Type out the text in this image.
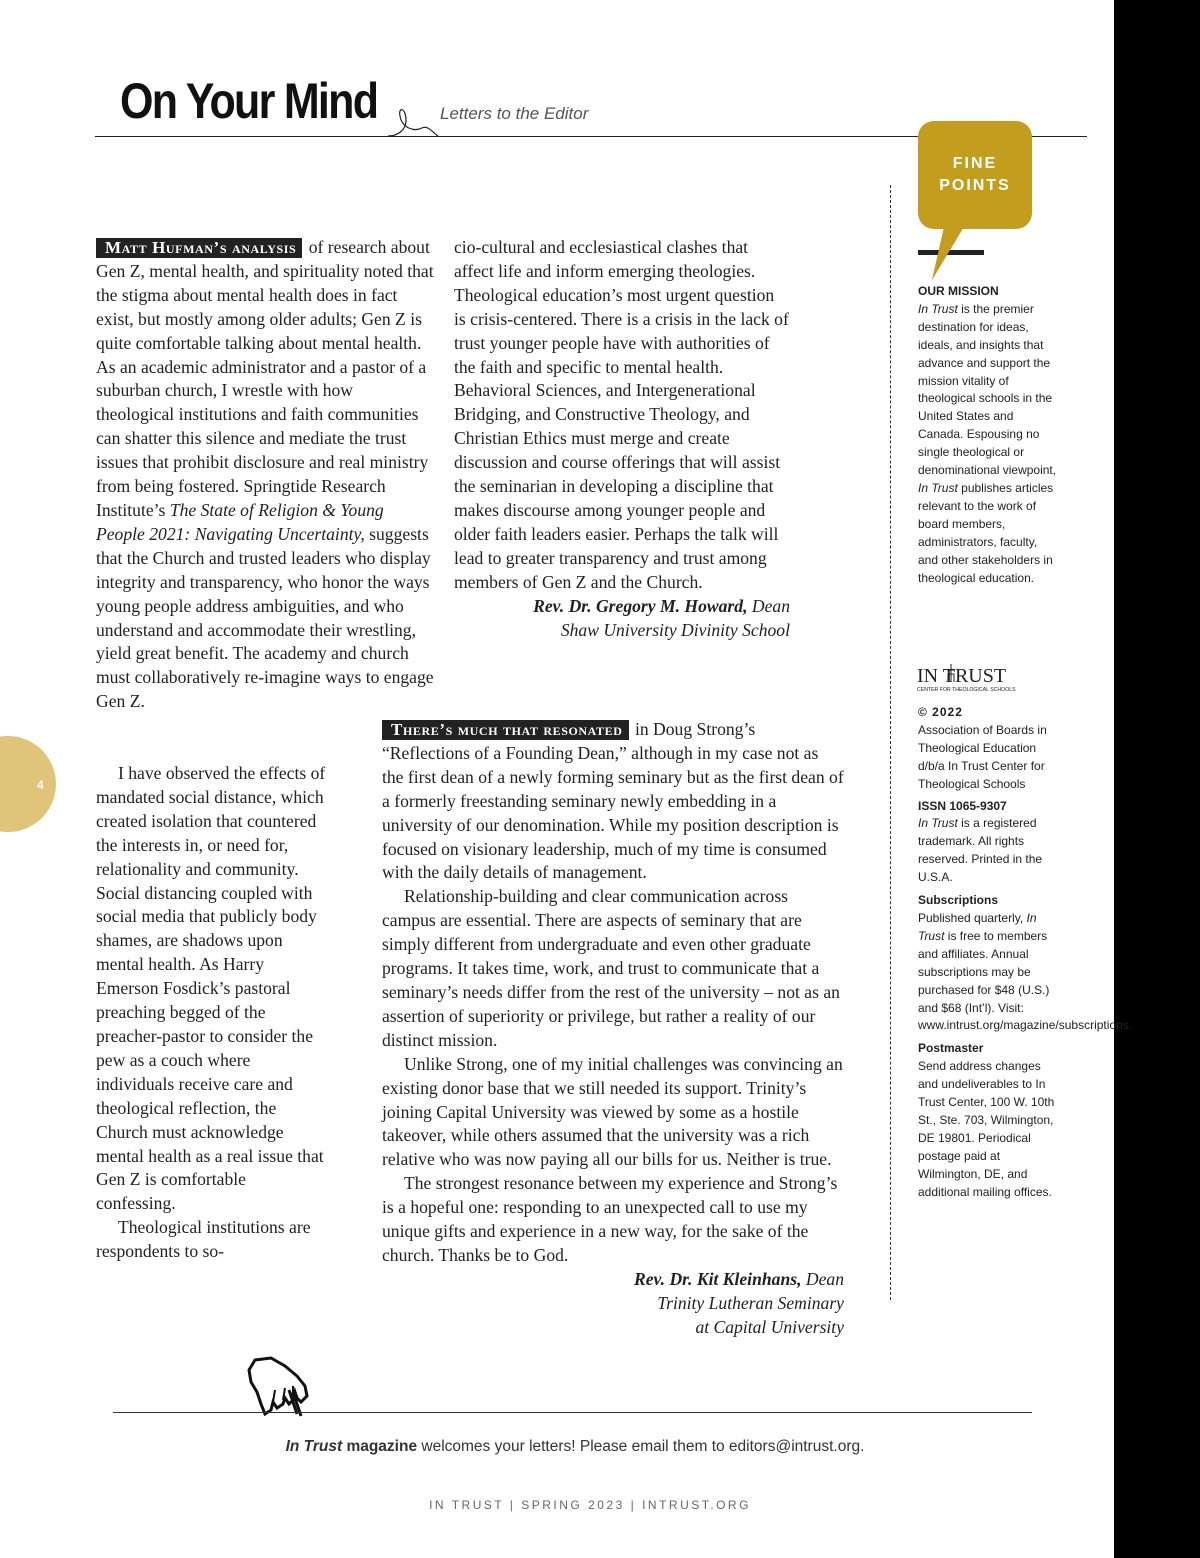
On Your Mind	Letters to the Editor
FINE
POINTS
4

Matt Hufman’s analysis of research about Gen Z, mental health, and spirituality noted that the stigma about mental health does in fact exist, but mostly among older adults; Gen Z is quite comfortable talking about mental health. As an academic administrator and a pastor of a suburban church, I wrestle with how theological institutions and faith communities can shatter this silence and mediate the trust issues that prohibit disclosure and real ministry from being fostered. Springtide Research Institute’s The State of Religion & Young People 2021: Navigating Uncertainty, suggests that the Church and trusted leaders who display integrity and transparency, who honor the ways young people address ambiguities, and who understand and accommodate their wrestling, yield great benefit. The academy and church must collaboratively re-imagine ways to engage Gen Z.

I have observed the effects of mandated social distance, which created isolation that countered the interests in, or need for, relationality and community. Social distancing coupled with social media that publicly body shames, are shadows upon mental health. As Harry Emerson Fosdick’s pastoral preaching begged of the preacher-pastor to consider the pew as a couch where individuals receive care and theological reflection, the Church must acknowledge mental health as a real issue that Gen Z is comfortable confessing.

Theological institutions are respondents to so-

cio-cultural and ecclesiastical clashes that affect life and inform emerging theologies. Theological education’s most urgent question is crisis-centered. There is a crisis in the lack of trust younger people have with authorities of the faith and specific to mental health. Behavioral Sciences, and Intergenerational Bridging, and Constructive Theology, and Christian Ethics must merge and create discussion and course offerings that will assist the seminarian in developing a discipline that makes discourse among younger people and older faith leaders easier. Perhaps the talk will lead to greater transparency and trust among members of Gen Z and the Church.

Rev. Dr. Gregory M. Howard, Dean
Shaw University Divinity School

There’s much that resonated in Doug Strong’s “Reflections of a Founding Dean,” although in my case not as the first dean of a newly forming seminary but as the first dean of a formerly freestanding seminary newly embedding in a university of our denomination. While my position description is focused on visionary leadership, much of my time is consumed with the daily details of management.

Relationship-building and clear communication across campus are essential. There are aspects of seminary that are simply different from undergraduate and even other graduate programs. It takes time, work, and trust to communicate that a seminary’s needs differ from the rest of the university – not as an assertion of superiority or privilege, but rather a reality of our distinct mission.

Unlike Strong, one of my initial challenges was convincing an existing donor base that we still needed its support. Trinity’s joining Capital University was viewed by some as a hostile takeover, while others assumed that the university was a rich relative who was now paying all our bills for us. Neither is true.

The strongest resonance between my experience and Strong’s is a hopeful one: responding to an unexpected call to use my unique gifts and experience in a new way, for the sake of the church. Thanks be to God.

Rev. Dr. Kit Kleinhans, Dean
Trinity Lutheran Seminary
at Capital University
OUR MISSION
In Trust is the premier destination for ideas, ideals, and insights that advance and support the mission vitality of theological schools in the United States and Canada. Espousing no single theological or denominational viewpoint, In Trust publishes articles relevant to the work of board members, administrators, faculty, and other stakeholders in theological education.
IN TRUST
CENTER FOR THEOLOGICAL SCHOOLS
© 2022
Association of Boards in Theological Education d/b/a In Trust Center for Theological Schools
ISSN 1065-9307
In Trust is a registered trademark. All rights reserved. Printed in the U.S.A.
Subscriptions
Published quarterly, In Trust is free to members and affiliates. Annual subscriptions may be purchased for $48 (U.S.) and $68 (Int’l). Visit: www.intrust.org/magazine/subscriptions.
Postmaster
Send address changes and undeliverables to In Trust Center, 100 W. 10th St., Ste. 703, Wilmington, DE 19801. Periodical postage paid at Wilmington, DE, and additional mailing offices.
In Trust magazine welcomes your letters! Please email them to editors@intrust.org.
IN TRUST | SPRING 2023 | INTRUST.ORG
